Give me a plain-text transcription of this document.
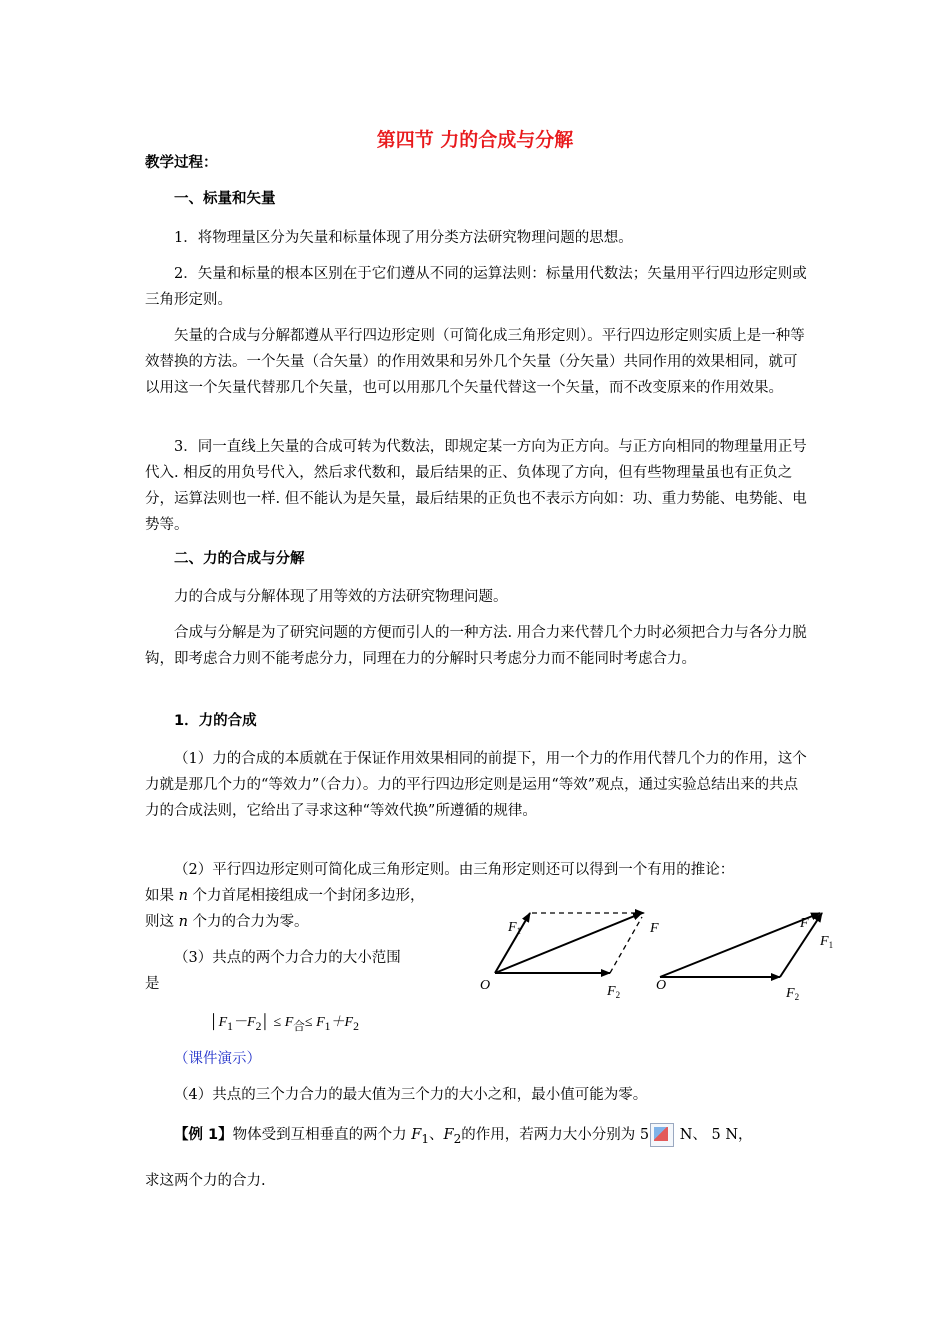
第四节 力的合成与分解

教学过程：

一、标量和矢量

1．将物理量区分为矢量和标量体现了用分类方法研究物理问题的思想。

2．矢量和标量的根本区别在于它们遵从不同的运算法则：标量用代数法；矢量用平行四边形定则或三角形定则。

矢量的合成与分解都遵从平行四边形定则（可简化成三角形定则）。平行四边形定则实质上是一种等效替换的方法。一个矢量（合矢量）的作用效果和另外几个矢量（分矢量）共同作用的效果相同，就可以用这一个矢量代替那几个矢量，也可以用那几个矢量代替这一个矢量，而不改变原来的作用效果。

3．同一直线上矢量的合成可转为代数法，即规定某一方向为正方向。与正方向相同的物理量用正号代入. 相反的用负号代入，然后求代数和，最后结果的正、负体现了方向，但有些物理量虽也有正负之分，运算法则也一样. 但不能认为是矢量，最后结果的正负也不表示方向如：功、重力势能、电势能、电势等。

二、力的合成与分解

力的合成与分解体现了用等效的方法研究物理问题。

合成与分解是为了研究问题的方便而引人的一种方法. 用合力来代替几个力时必须把合力与各分力脱钩，即考虑合力则不能考虑分力，同理在力的分解时只考虑分力而不能同时考虑合力。

1．力的合成

（1）力的合成的本质就在于保证作用效果相同的前提下，用一个力的作用代替几个力的作用，这个力就是那几个力的“等效力”（合力）。力的平行四边形定则是运用“等效”观点，通过实验总结出来的共点力的合成法则，它给出了寻求这种“等效代换”所遵循的规律。

（2）平行四边形定则可简化成三角形定则。由三角形定则还可以得到一个有用的推论：

如果 n 个力首尾相接组成一个封闭多边形，

则这 n 个力的合力为零。

（3）共点的两个力合力的大小范围

是

$│F_1-F_2│ \le F_合\le F_1+F_2$

（课件演示）

（4）共点的三个力合力的最大值为三个力的大小之和，最小值可能为零。

【例 1】物体受到互相垂直的两个力 $F_1$、$F_2$的作用，若两力大小分别为 5 N、 5 N，

求这两个力的合力.

$F_1$	F
O	$F_2$
F
$F_1$
O
$F_2$
